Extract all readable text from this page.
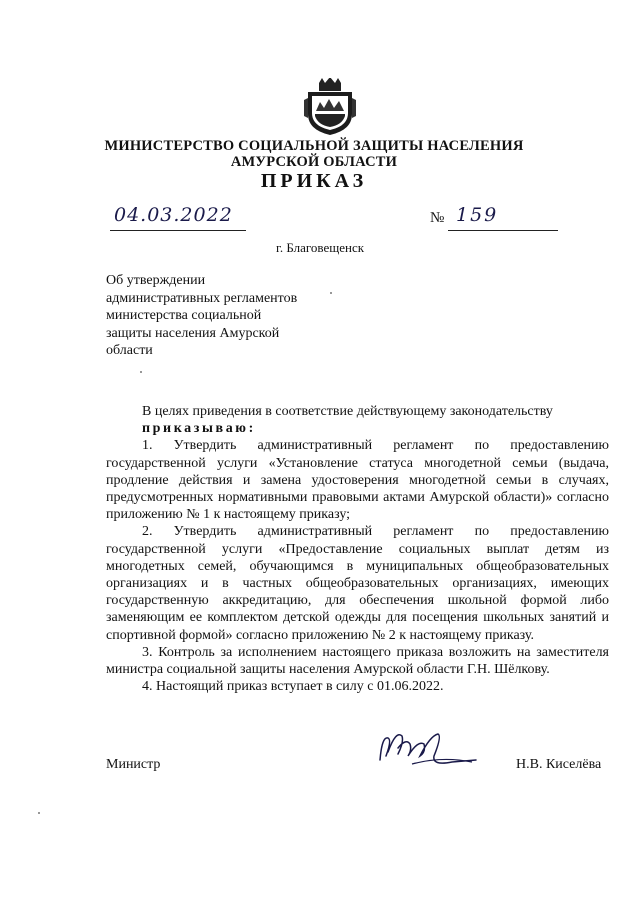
МИНИСТЕРСТВО СОЦИАЛЬНОЙ ЗАЩИТЫ НАСЕЛЕНИЯ
АМУРСКОЙ ОБЛАСТИ
ПРИКАЗ
04.03.2022	№ 159
г. Благовещенск
Об утверждении
административных регламентов
министерства социальной
защиты населения Амурской
области

В целях приведения в соответствие действующему законодательству

приказываю:

1. Утвердить административный регламент по предоставлению государственной услуги «Установление статуса многодетной семьи (выдача, продление действия и замена удостоверения многодетной семьи в случаях, предусмотренных нормативными правовыми актами Амурской области)» согласно приложению № 1 к настоящему приказу;

2. Утвердить административный регламент по предоставлению государственной услуги «Предоставление социальных выплат детям из многодетных семей, обучающимся в муниципальных общеобразовательных организациях и в частных общеобразовательных организациях, имеющих государственную аккредитацию, для обеспечения школьной формой либо заменяющим ее комплектом детской одежды для посещения школьных занятий и спортивной формой» согласно приложению № 2 к настоящему приказу.

3. Контроль за исполнением настоящего приказа возложить на заместителя министра социальной защиты населения Амурской области Г.Н. Шёлкову.

4. Настоящий приказ вступает в силу с 01.06.2022.

Министр	Н.В. Киселёва
